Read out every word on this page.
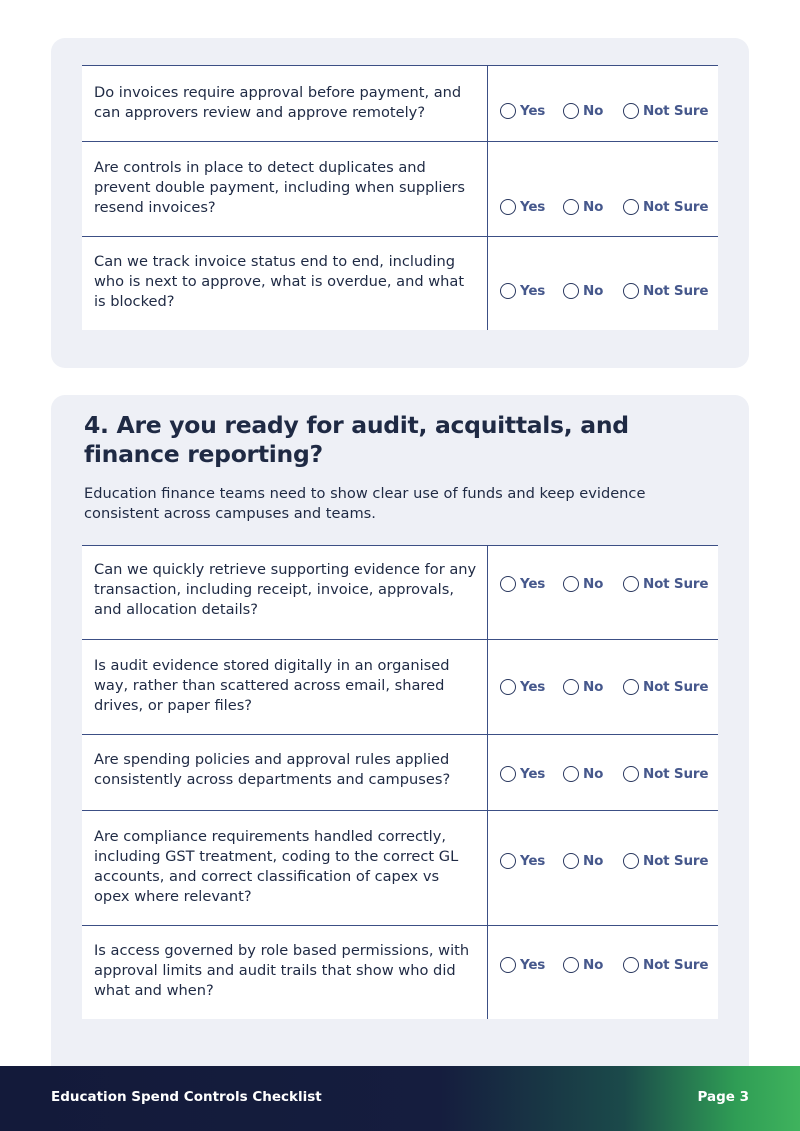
Do invoices require approval before payment, and can approvers review and approve remotely?	Yes	No	Not Sure
Are controls in place to detect duplicates and prevent double payment, including when suppliers resend invoices?	Yes	No	Not Sure
Can we track invoice status end to end, including who is next to approve, what is overdue, and what is blocked?
Yes	No	Not Sure
4. Are you ready for audit, acquittals, and finance reporting?

Education finance teams need to show clear use of funds and keep evidence consistent across campuses and teams.

Can we quickly retrieve supporting evidence for any transaction, including receipt, invoice, approvals, and allocation details?
Yes	No	Not Sure
Is audit evidence stored digitally in an organised way, rather than scattered across email, shared drives, or paper files?
Yes	No	Not Sure
Are spending policies and approval rules applied consistently across departments and campuses?	Yes	No	Not Sure
Are compliance requirements handled correctly, including GST treatment, coding to the correct GL accounts, and correct classification of capex vs opex where relevant?
Yes	No	Not Sure
Is access governed by role based permissions, with approval limits and audit trails that show who did what and when?
Yes	No	Not Sure
Education Spend Controls Checklist	Page 3
